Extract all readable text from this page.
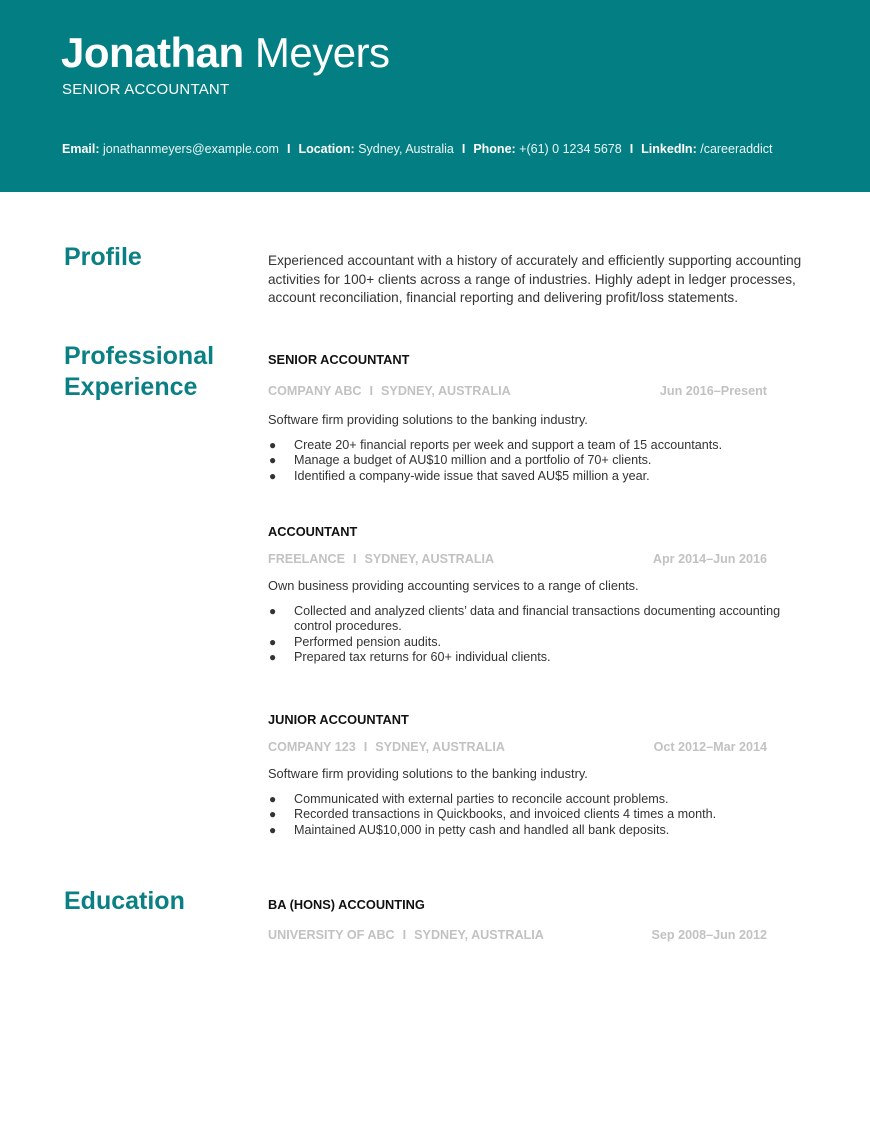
Jonathan Meyers
SENIOR ACCOUNTANT
Email: jonathanmeyers@example.com I Location: Sydney, Australia I Phone: +(61) 0 1234 5678 I LinkedIn: /careeraddict
Profile	Experienced accountant with a history of accurately and efficiently supporting accounting activities for 100+ clients across a range of industries. Highly adept in ledger processes, account reconciliation, financial reporting and delivering profit/loss statements.
Professional
Experience
SENIOR ACCOUNTANT
COMPANY ABC I SYDNEY, AUSTRALIA	Jun 2016–Present
Software firm providing solutions to the banking industry.
● Create 20+ financial reports per week and support a team of 15 accountants.
● Manage a budget of AU$10 million and a portfolio of 70+ clients.
● Identified a company-wide issue that saved AU$5 million a year.
ACCOUNTANT
FREELANCE I SYDNEY, AUSTRALIA	Apr 2014–Jun 2016
Own business providing accounting services to a range of clients.
● Collected and analyzed clients’ data and financial transactions documenting accounting control procedures.
● Performed pension audits.
● Prepared tax returns for 60+ individual clients.
JUNIOR ACCOUNTANT
COMPANY 123 I SYDNEY, AUSTRALIA	Oct 2012–Mar 2014
Software firm providing solutions to the banking industry.
● Communicated with external parties to reconcile account problems.
● Recorded transactions in Quickbooks, and invoiced clients 4 times a month.
● Maintained AU$10,000 in petty cash and handled all bank deposits.
Education	BA (HONS) ACCOUNTING
UNIVERSITY OF ABC I SYDNEY, AUSTRALIA	Sep 2008–Jun 2012
